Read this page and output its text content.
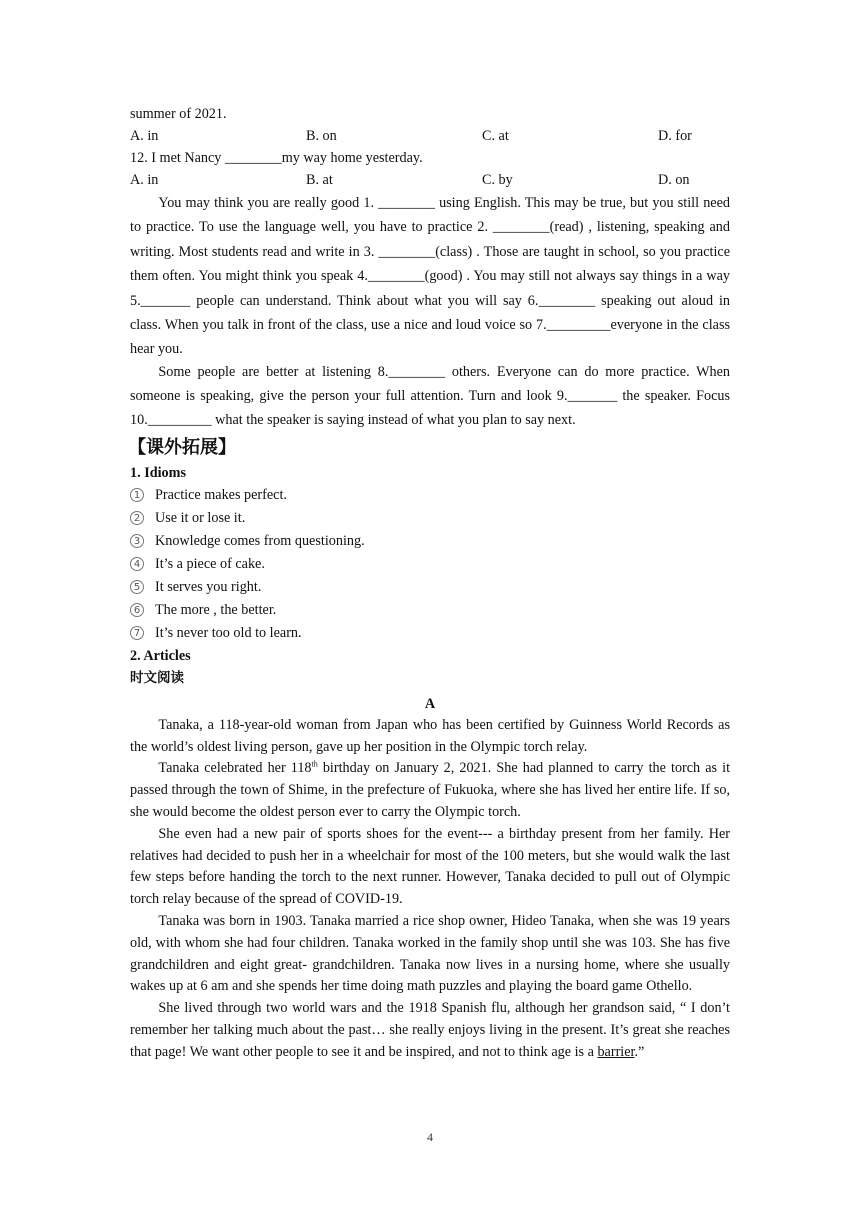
summer of 2021.
A. in	B. on	C. at	D. for
12. I met Nancy ________my way home yesterday.
A. in	B. at	C. by	D. on
You may think you are really good 1. ________ using English. This may be true, but you still need to practice. To use the language well, you have to practice 2. ________(read) , listening, speaking and writing. Most students read and write in 3. ________(class) . Those are taught in school, so you practice them often. You might think you speak 4.________(good) . You may still not always say things in a way 5._______ people can understand. Think about what you will say 6.________ speaking out aloud in class. When you talk in front of the class, use a nice and loud voice so 7._________everyone in the class hear you.
Some people are better at listening 8.________ others. Everyone can do more practice. When someone is speaking, give the person your full attention. Turn and look 9._______ the speaker. Focus 10._________ what the speaker is saying instead of what you plan to say next.
【课外拓展】
1. Idioms
1 Practice makes perfect.
2 Use it or lose it.
3 Knowledge comes from questioning.
4 It’s a piece of cake.
5 It serves you right.
6 The more , the better.
7 It’s never too old to learn.
2. Articles
时文阅读
A

Tanaka, a 118-year-old woman from Japan who has been certified by Guinness World Records as the world’s oldest living person, gave up her position in the Olympic torch relay.

Tanaka celebrated her 118th birthday on January 2, 2021. She had planned to carry the torch as it passed through the town of Shime, in the prefecture of Fukuoka, where she has lived her entire life. If so, she would become the oldest person ever to carry the Olympic torch.

She even had a new pair of sports shoes for the event--- a birthday present from her family. Her relatives had decided to push her in a wheelchair for most of the 100 meters, but she would walk the last few steps before handing the torch to the next runner. However, Tanaka decided to pull out of Olympic torch relay because of the spread of COVID-19.

Tanaka was born in 1903. Tanaka married a rice shop owner, Hideo Tanaka, when she was 19 years old, with whom she had four children. Tanaka worked in the family shop until she was 103. She has five grandchildren and eight great- grandchildren. Tanaka now lives in a nursing home, where she usually wakes up at 6 am and she spends her time doing math puzzles and playing the board game Othello.

She lived through two world wars and the 1918 Spanish flu, although her grandson said, “ I don’t remember her talking much about the past… she really enjoys living in the present. It’s great she reaches that page! We want other people to see it and be inspired, and not to think age is a barrier.”

4
